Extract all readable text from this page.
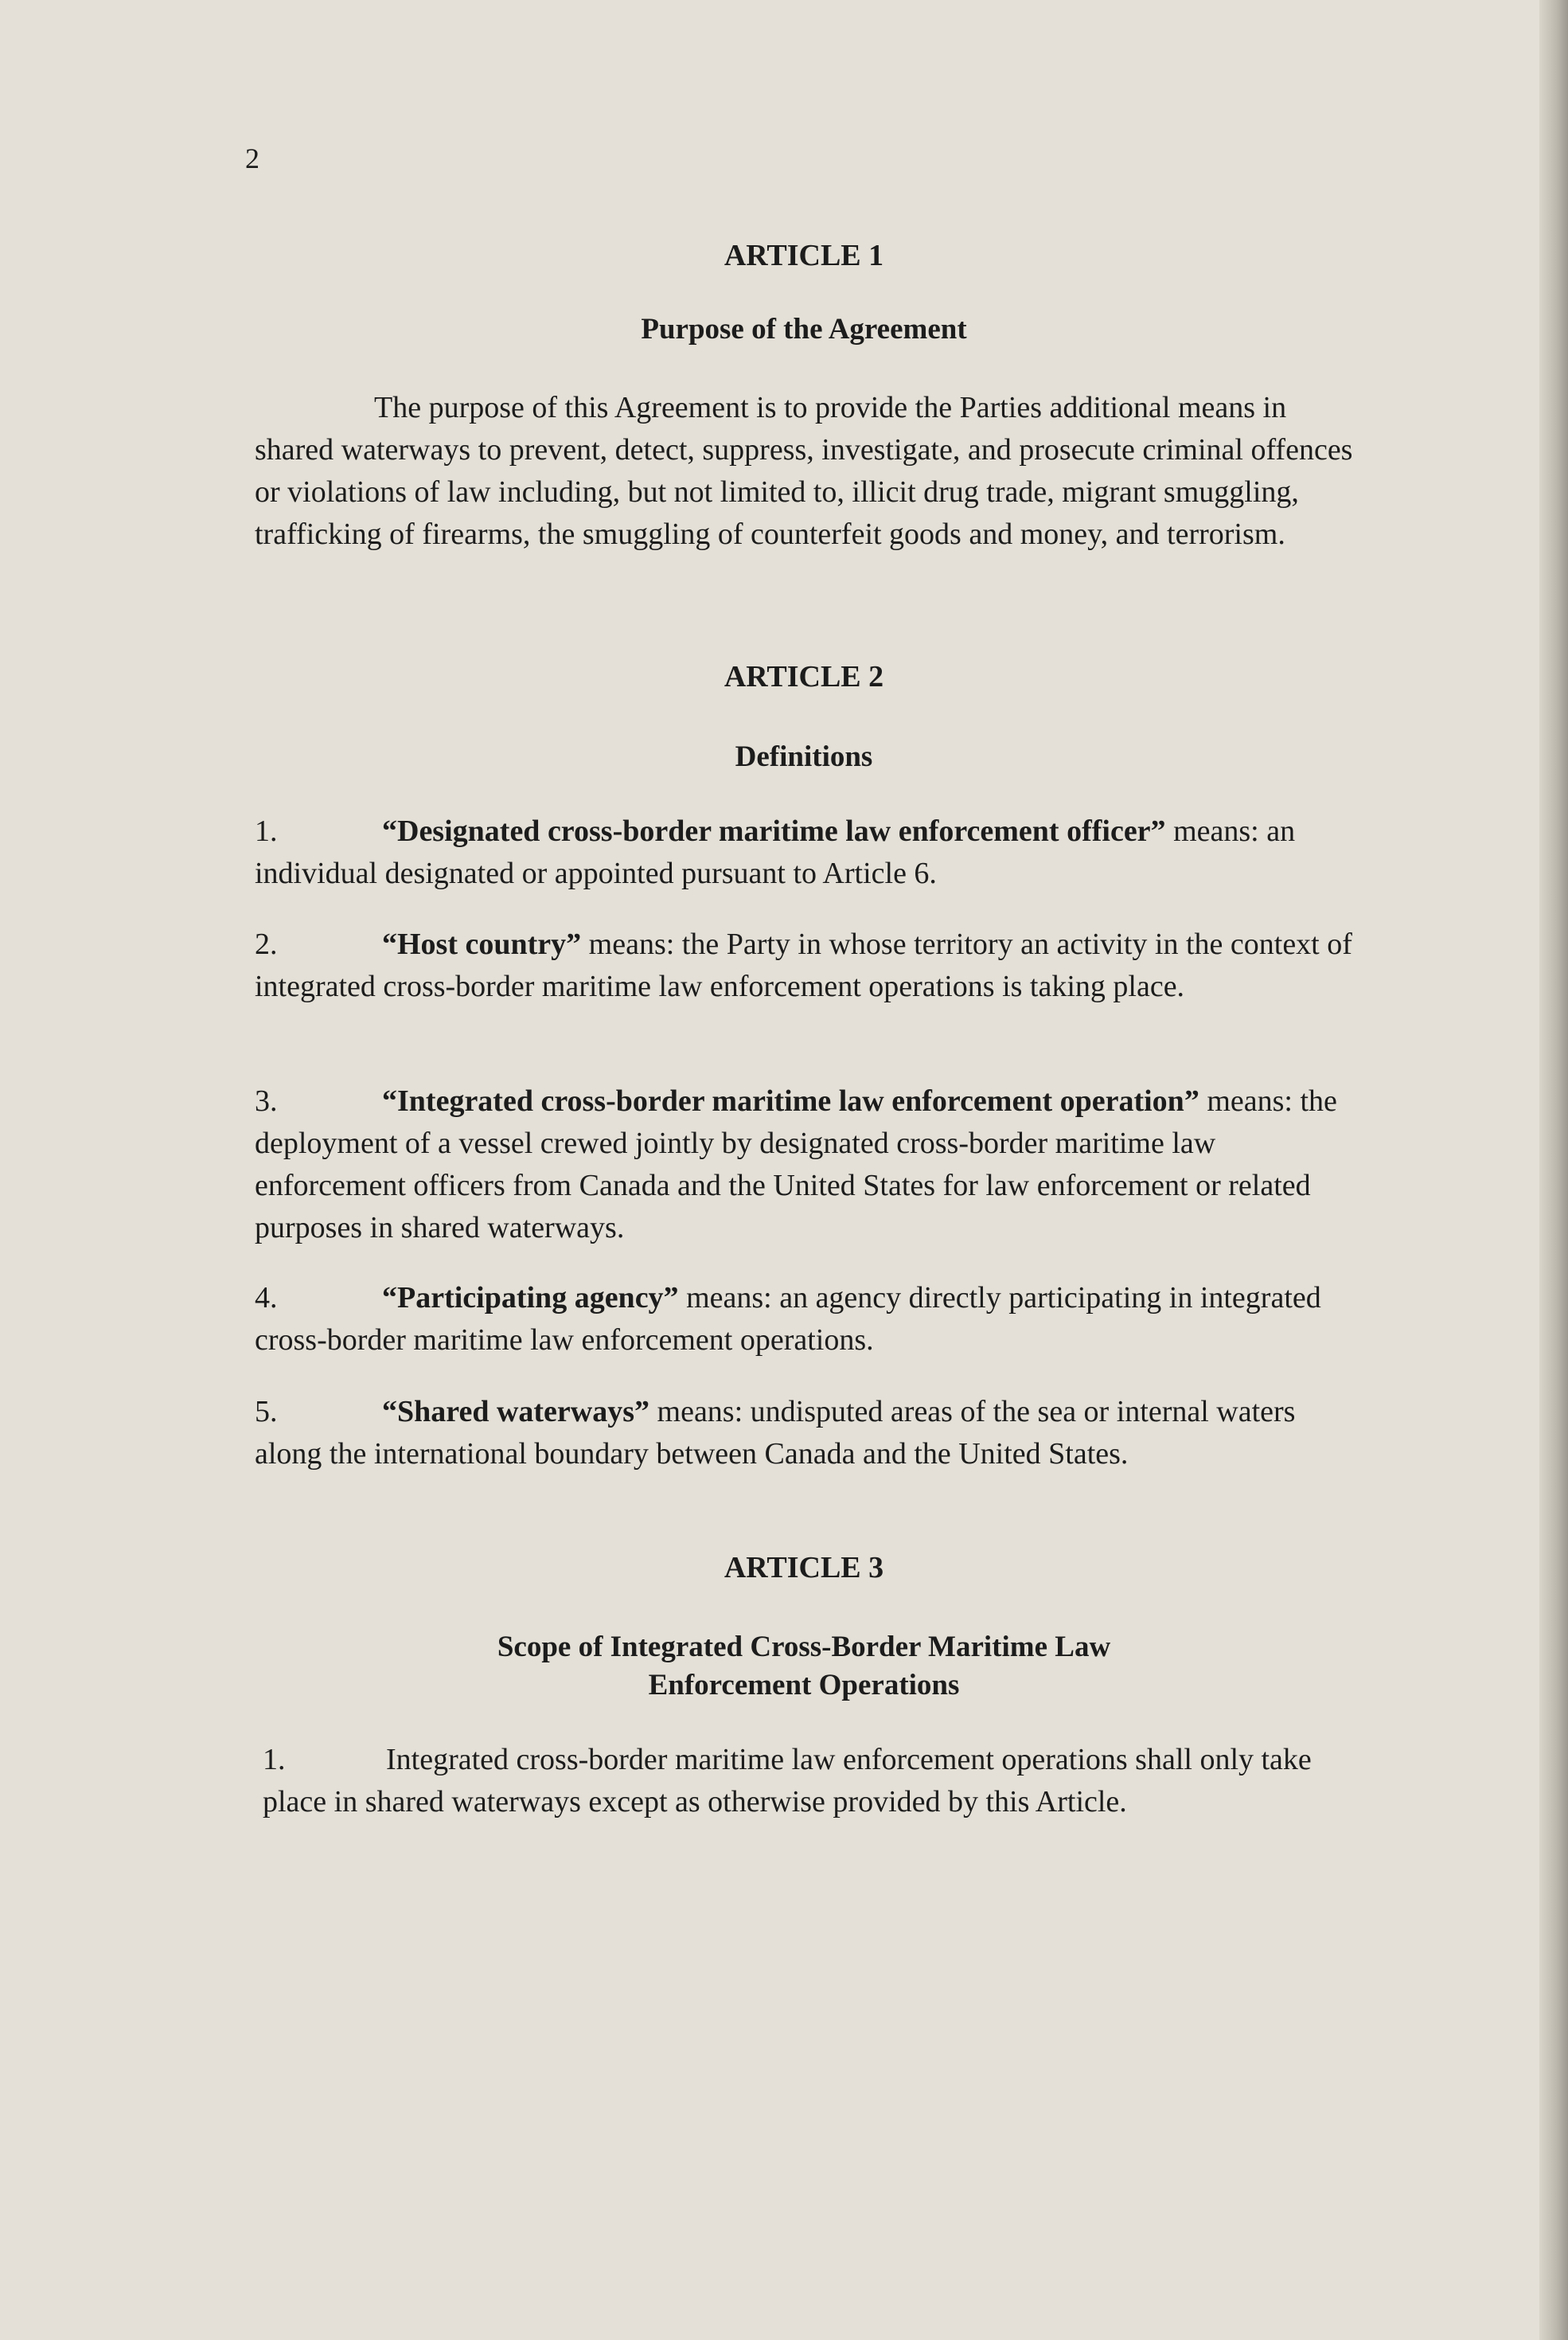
2
ARTICLE 1
Purpose of the Agreement
The purpose of this Agreement is to provide the Parties additional means in shared waterways to prevent, detect, suppress, investigate, and prosecute criminal offences or violations of law including, but not limited to, illicit drug trade, migrant smuggling, trafficking of firearms, the smuggling of counterfeit goods and money, and terrorism.
ARTICLE 2
Definitions
1.	“Designated cross-border maritime law enforcement officer” means: an individual designated or appointed pursuant to Article 6.
2.	“Host country” means: the Party in whose territory an activity in the context of integrated cross-border maritime law enforcement operations is taking place.
3.	“Integrated cross-border maritime law enforcement operation” means: the deployment of a vessel crewed jointly by designated cross-border maritime law enforcement officers from Canada and the United States for law enforcement or related purposes in shared waterways.
4.	“Participating agency” means: an agency directly participating in integrated cross-border maritime law enforcement operations.
5.	“Shared waterways” means: undisputed areas of the sea or internal waters along the international boundary between Canada and the United States.
ARTICLE 3
Scope of Integrated Cross-Border Maritime Law
Enforcement Operations
1.	Integrated cross-border maritime law enforcement operations shall only take place in shared waterways except as otherwise provided by this Article.
